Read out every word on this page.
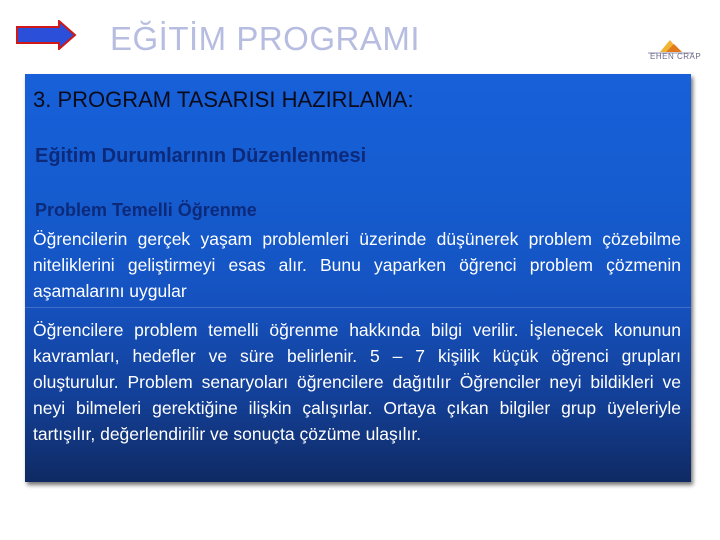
EĞİTİM PROGRAMI	EHEN CRAP
3. PROGRAM TASARISI HAZIRLAMA:
Eğitim Durumlarının Düzenlenmesi
Problem Temelli Öğrenme
Öğrencilerin gerçek yaşam problemleri üzerinde düşünerek problem çözebilme niteliklerini geliştirmeyi esas alır. Bunu yaparken öğrenci problem çözmenin aşamalarını uygular
Öğrencilere problem temelli öğrenme hakkında bilgi verilir. İşlenecek konunun kavramları, hedefler ve süre belirlenir. 5 – 7 kişilik küçük öğrenci grupları oluşturulur. Problem senaryoları öğrencilere dağıtılır Öğrenciler neyi bildikleri ve neyi bilmeleri gerektiğine ilişkin çalışırlar. Ortaya çıkan bilgiler grup üyeleriyle tartışılır, değerlendirilir ve sonuçta çözüme ulaşılır.
